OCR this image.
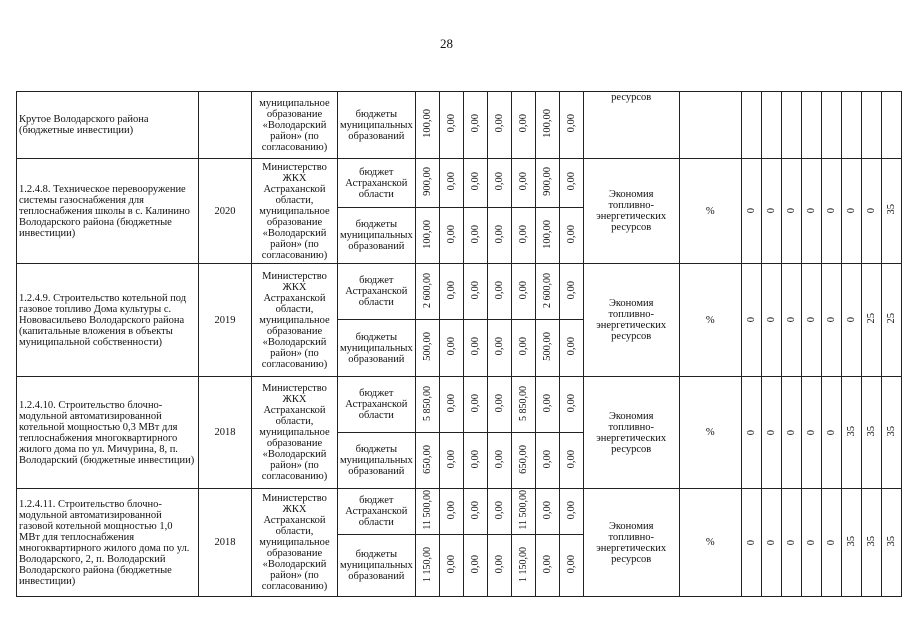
28
Крутое Володарского района (бюджетные инвестиции)		муниципальное образование «Володарский район» (по согласованию)	бюджеты муниципальных образований	100,00	0,00	0,00	0,00	0,00	100,00	0,00	ресурсов									
1.2.4.8. Техническое перевооружение системы газоснабжения для теплоснабжения школы в с. Калинино Володарского района (бюджетные инвестиции)	2020	Министерство ЖКХ Астраханской области, муниципальное образование «Володарский район» (по согласованию)	бюджет Астраханской области	900,00	0,00	0,00	0,00	0,00	900,00	0,00	Экономия топливно-энергетических ресурсов	%	0	0	0	0	0	0	0	35
			бюджеты муниципальных образований	100,00	0,00	0,00	0,00	0,00	100,00	0,00										
1.2.4.9. Строительство котельной под газовое топливо Дома культуры с. Нововасильево Володарского района (капитальные вложения в объекты муниципальной собственности)	2019	Министерство ЖКХ Астраханской области, муниципальное образование «Володарский район» (по согласованию)	бюджет Астраханской области	2 600,00	0,00	0,00	0,00	0,00	2 600,00	0,00	Экономия топливно-энергетических ресурсов	%	0	0	0	0	0	0	25	25
			бюджеты муниципальных образований	500,00	0,00	0,00	0,00	0,00	500,00	0,00										
1.2.4.10. Строительство блочно-модульной автоматизированной котельной мощностью 0,3 МВт для теплоснабжения многоквартирного жилого дома по ул. Мичурина, 8, п. Володарский (бюджетные инвестиции)	2018	Министерство ЖКХ Астраханской области, муниципальное образование «Володарский район» (по согласованию)	бюджет Астраханской области	5 850,00	0,00	0,00	0,00	5 850,00	0,00	0,00	Экономия топливно-энергетических ресурсов	%	0	0	0	0	0	35	35	35
			бюджеты муниципальных образований	650,00	0,00	0,00	0,00	650,00	0,00	0,00										
1.2.4.11. Строительство блочно-модульной автоматизированной газовой котельной мощностью 1,0 МВт для теплоснабжения многоквартирного жилого дома по ул. Володарского, 2, п. Володарский Володарского района (бюджетные инвестиции)	2018	Министерство ЖКХ Астраханской области, муниципальное образование «Володарский район» (по согласованию)	бюджет Астраханской области	11 500,00	0,00	0,00	0,00	11 500,00	0,00	0,00	Экономия топливно-энергетических ресурсов	%	0	0	0	0	0	35	35	35
			бюджеты муниципальных образований	1 150,00	0,00	0,00	0,00	1 150,00	0,00	0,00										
